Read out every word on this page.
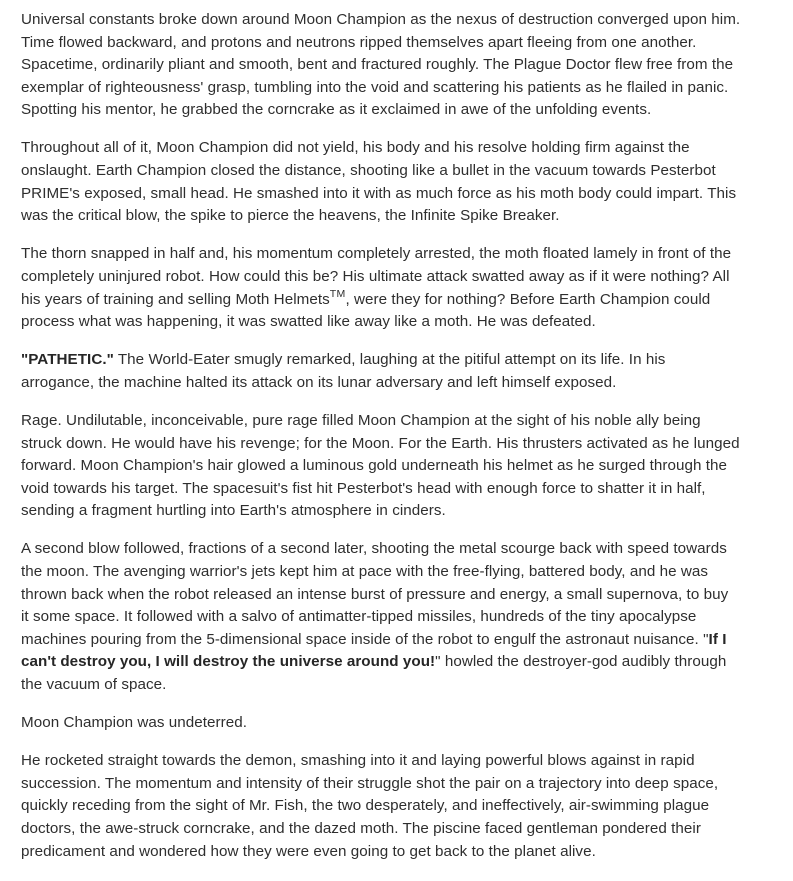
Universal constants broke down around Moon Champion as the nexus of destruction converged upon him.
Time flowed backward, and protons and neutrons ripped themselves apart fleeing from one another.
Spacetime, ordinarily pliant and smooth, bent and fractured roughly. The Plague Doctor flew free from the
exemplar of righteousness' grasp, tumbling into the void and scattering his patients as he flailed in panic.
Spotting his mentor, he grabbed the corncrake as it exclaimed in awe of the unfolding events.

Throughout all of it, Moon Champion did not yield, his body and his resolve holding firm against the
onslaught. Earth Champion closed the distance, shooting like a bullet in the vacuum towards Pesterbot
PRIME's exposed, small head. He smashed into it with as much force as his moth body could impart. This
was the critical blow, the spike to pierce the heavens, the Infinite Spike Breaker.

The thorn snapped in half and, his momentum completely arrested, the moth floated lamely in front of the
completely uninjured robot. How could this be? His ultimate attack swatted away as if it were nothing? All
his years of training and selling Moth Helmets™, were they for nothing? Before Earth Champion could
process what was happening, it was swatted like away like a moth. He was defeated.

"PATHETIC." The World-Eater smugly remarked, laughing at the pitiful attempt on its life. In his
arrogance, the machine halted its attack on its lunar adversary and left himself exposed.

Rage. Undilutable, inconceivable, pure rage filled Moon Champion at the sight of his noble ally being
struck down. He would have his revenge; for the Moon. For the Earth. His thrusters activated as he lunged
forward. Moon Champion's hair glowed a luminous gold underneath his helmet as he surged through the
void towards his target. The spacesuit's fist hit Pesterbot's head with enough force to shatter it in half,
sending a fragment hurtling into Earth's atmosphere in cinders.

A second blow followed, fractions of a second later, shooting the metal scourge back with speed towards
the moon. The avenging warrior's jets kept him at pace with the free-flying, battered body, and he was
thrown back when the robot released an intense burst of pressure and energy, a small supernova, to buy
it some space. It followed with a salvo of antimatter-tipped missiles, hundreds of the tiny apocalypse
machines pouring from the 5-dimensional space inside of the robot to engulf the astronaut nuisance. "If I
can't destroy you, I will destroy the universe around you!" howled the destroyer-god audibly through
the vacuum of space.

Moon Champion was undeterred.

He rocketed straight towards the demon, smashing into it and laying powerful blows against in rapid
succession. The momentum and intensity of their struggle shot the pair on a trajectory into deep space,
quickly receding from the sight of Mr. Fish, the two desperately, and ineffectively, air-swimming plague
doctors, the awe-struck corncrake, and the dazed moth. The piscine faced gentleman pondered their
predicament and wondered how they were even going to get back to the planet alive.
